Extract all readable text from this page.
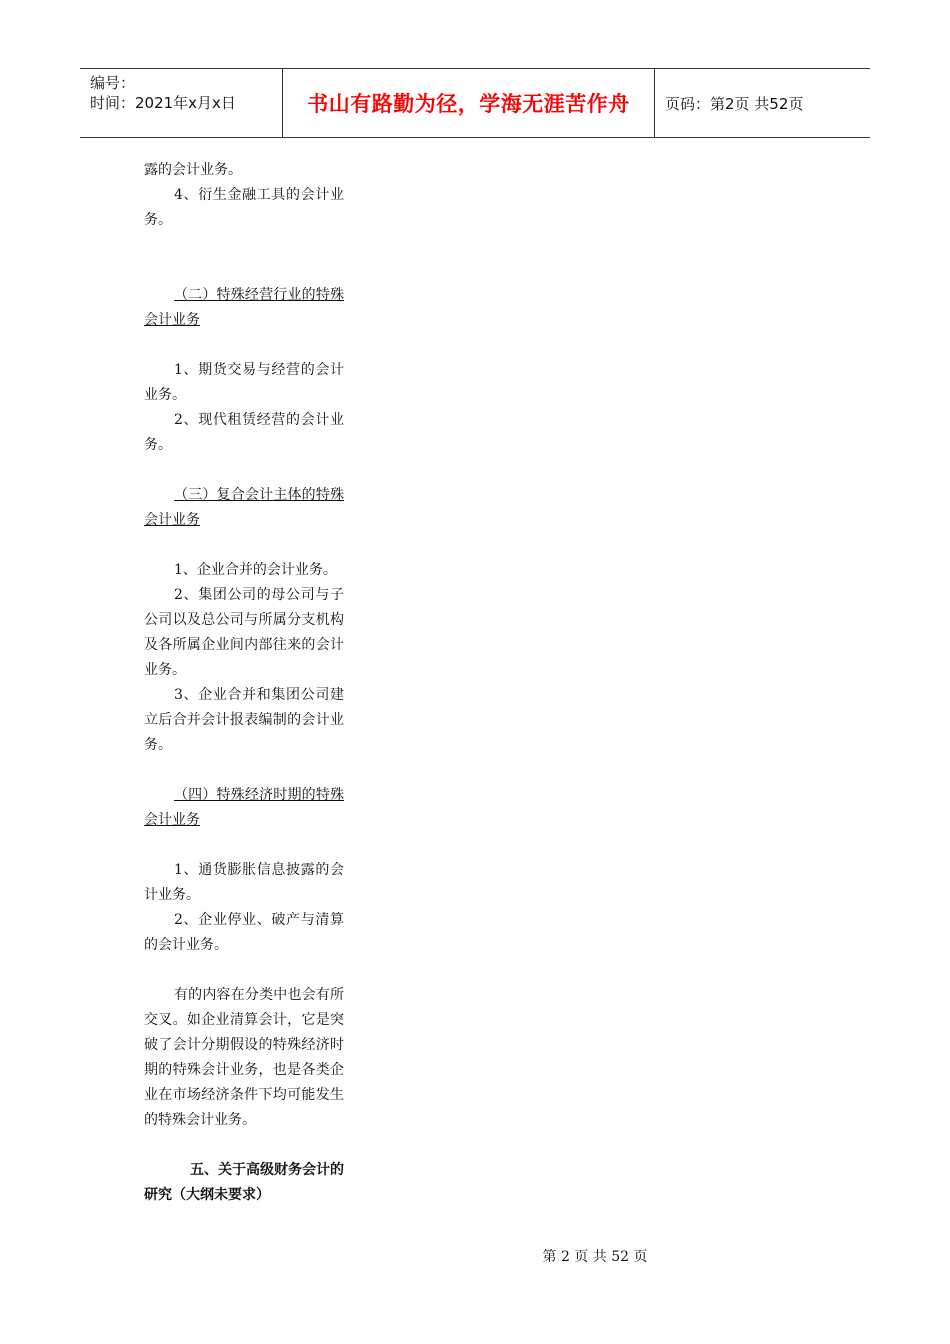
编号：
时间：2021年x月x日	书山有路勤为径，学海无涯苦作舟 页码：第2页 共52页

露的会计业务。

4、衍生金融工具的会计业务。

（二）特殊经营行业的特殊会计业务

1、期货交易与经营的会计业务。

2、现代租赁经营的会计业务。

（三）复合会计主体的特殊会计业务

1、企业合并的会计业务。

2、集团公司的母公司与子公司以及总公司与所属分支机构及各所属企业间内部往来的会计业务。

3、企业合并和集团公司建立后合并会计报表编制的会计业务。

（四）特殊经济时期的特殊会计业务

1、通货膨胀信息披露的会计业务。

2、企业停业、破产与清算的会计业务。

有的内容在分类中也会有所交叉。如企业清算会计，它是突破了会计分期假设的特殊经济时期的特殊会计业务，也是各类企业在市场经济条件下均可能发生的特殊会计业务。

五、关于高级财务会计的研究（大纲未要求）

第 2 页 共 52 页
